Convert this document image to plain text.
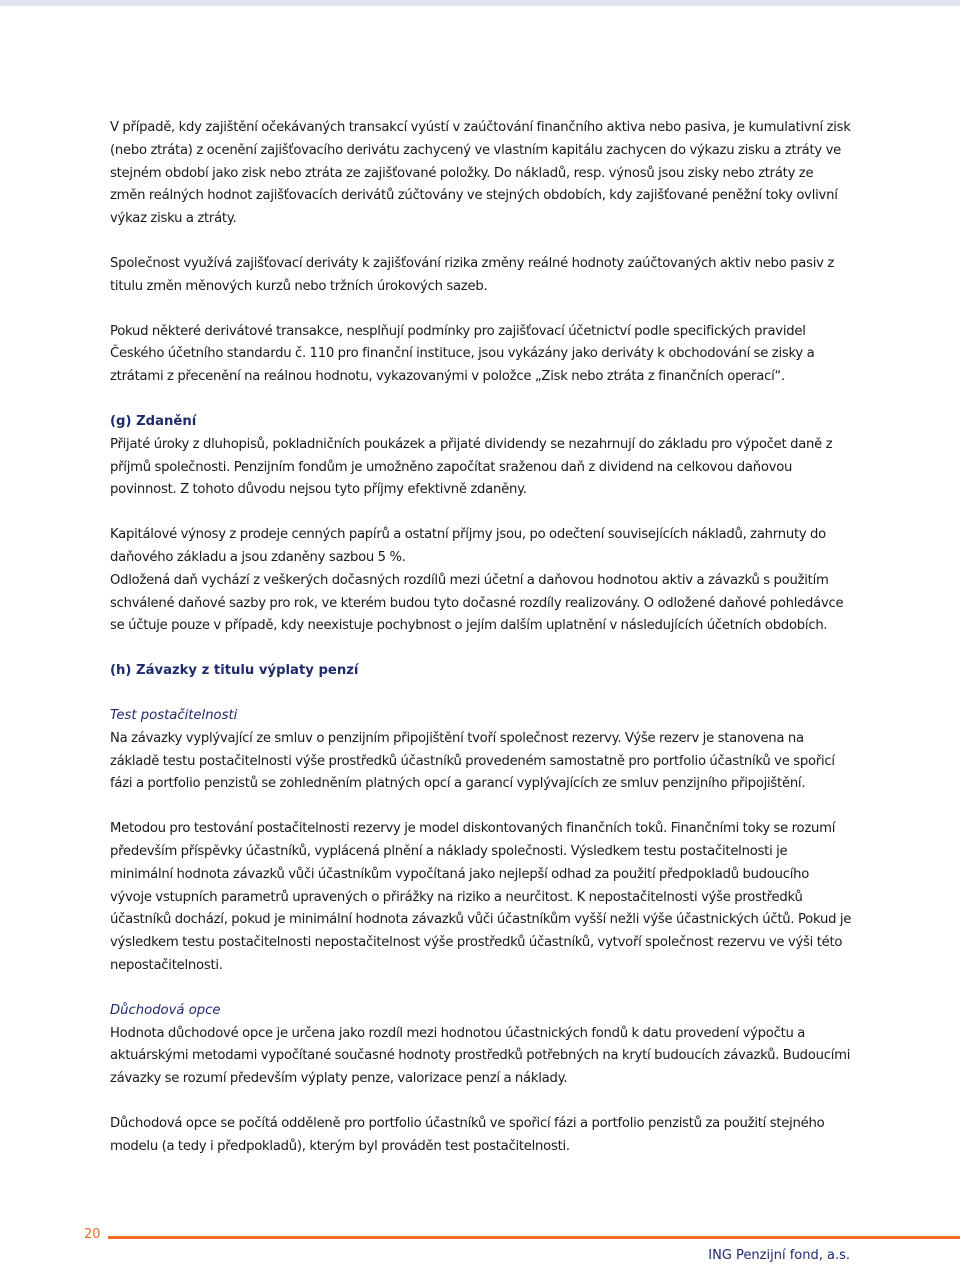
V případě, kdy zajištění očekávaných transakcí vyústí v zaúčtování finančního aktiva nebo pasiva, je kumulativní zisk (nebo ztráta) z ocenění zajišťovacího derivátu zachycený ve vlastním kapitálu zachycen do výkazu zisku a ztráty ve stejném období jako zisk nebo ztráta ze zajišťované položky. Do nákladů, resp. výnosů jsou zisky nebo ztráty ze změn reálných hodnot zajišťovacích derivátů zúčtovány ve stejných obdobích, kdy zajišťované peněžní toky ovlivní výkaz zisku a ztráty.

Společnost využívá zajišťovací deriváty k zajišťování rizika změny reálné hodnoty zaúčtovaných aktiv nebo pasiv z titulu změn měnových kurzů nebo tržních úrokových sazeb.

Pokud některé derivátové transakce, nesplňují podmínky pro zajišťovací účetnictví podle specifických pravidel Českého účetního standardu č. 110 pro finanční instituce, jsou vykázány jako deriváty k obchodování se zisky a ztrátami z přecenění na reálnou hodnotu, vykazovanými v položce „Zisk nebo ztráta z finančních operací“.

(g) Zdanění

Přijaté úroky z dluhopisů, pokladničních poukázek a přijaté dividendy se nezahrnují do základu pro výpočet daně z příjmů společnosti. Penzijním fondům je umožněno započítat sraženou daň z dividend na celkovou daňovou povinnost. Z tohoto důvodu nejsou tyto příjmy efektivně zdaněny.

Kapitálové výnosy z prodeje cenných papírů a ostatní příjmy jsou, po odečtení souvisejících nákladů, zahrnuty do daňového základu a jsou zdaněny sazbou 5 %.

Odložená daň vychází z veškerých dočasných rozdílů mezi účetní a daňovou hodnotou aktiv a závazků s použitím schválené daňové sazby pro rok, ve kterém budou tyto dočasné rozdíly realizovány. O odložené daňové pohledávce se účtuje pouze v případě, kdy neexistuje pochybnost o jejím dalším uplatnění v následujících účetních obdobích.

(h) Závazky z titulu výplaty penzí

Test postačitelnosti

Na závazky vyplývající ze smluv o penzijním připojištění tvoří společnost rezervy. Výše rezerv je stanovena na základě testu postačitelnosti výše prostředků účastníků provedeném samostatně pro portfolio účastníků ve spořicí fázi a portfolio penzistů se zohledněním platných opcí a garancí vyplývajících ze smluv penzijního připojištění.

Metodou pro testování postačitelnosti rezervy je model diskontovaných finančních toků. Finančními toky se rozumí především příspěvky účastníků, vyplácená plnění a náklady společnosti. Výsledkem testu postačitelnosti je minimální hodnota závazků vůči účastníkům vypočítaná jako nejlepší odhad za použití předpokladů budoucího vývoje vstupních parametrů upravených o přirážky na riziko a neurčitost. K nepostačitelnosti výše prostředků účastníků dochází, pokud je minimální hodnota závazků vůči účastníkům vyšší nežli výše účastnických účtů. Pokud je výsledkem testu postačitelnosti nepostačitelnost výše prostředků účastníků, vytvoří společnost rezervu ve výši této nepostačitelnosti.

Důchodová opce

Hodnota důchodové opce je určena jako rozdíl mezi hodnotou účastnických fondů k datu provedení výpočtu a aktuárskými metodami vypočítané současné hodnoty prostředků potřebných na krytí budoucích závazků. Budoucími závazky se rozumí především výplaty penze, valorizace penzí a náklady.

Důchodová opce se počítá odděleně pro portfolio účastníků ve spořicí fázi a portfolio penzistů za použití stejného modelu (a tedy i předpokladů), kterým byl prováděn test postačitelnosti.

20
ING Penzijní fond, a.s.
